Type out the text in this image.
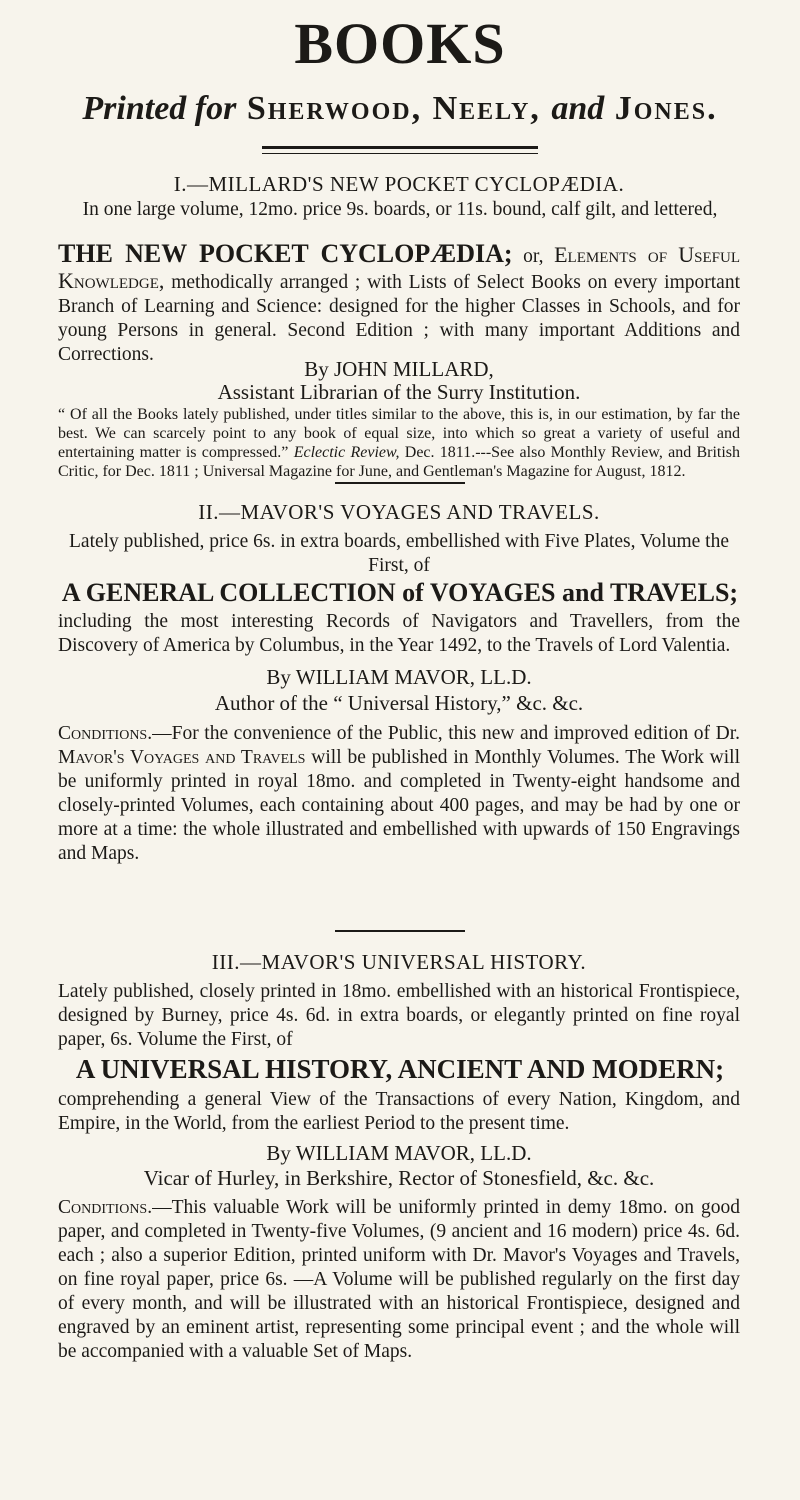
BOOKS
Printed for Sherwood, Neely, and Jones.
I.—MILLARD'S NEW POCKET CYCLOPÆDIA.
In one large volume, 12mo. price 9s. boards, or 11s. bound, calf gilt, and lettered,
THE NEW POCKET CYCLOPÆDIA; or, Elements of Useful Knowledge, methodically arranged ; with Lists of Select Books on every important Branch of Learning and Science: designed for the higher Classes in Schools, and for young Persons in general. Second Edition ; with many important Additions and Corrections.
By JOHN MILLARD,
Assistant Librarian of the Surry Institution.
“ Of all the Books lately published, under titles similar to the above, this is, in our estimation, by far the best. We can scarcely point to any book of equal size, into which so great a variety of useful and entertaining matter is compressed.” Eclectic Review, Dec. 1811.---See also Monthly Review, and British Critic, for Dec. 1811 ; Universal Magazine for June, and Gentleman's Magazine for August, 1812.
II.—MAVOR'S VOYAGES AND TRAVELS.
Lately published, price 6s. in extra boards, embellished with Five Plates, Volume the First, of
A GENERAL COLLECTION of VOYAGES and TRAVELS;
including the most interesting Records of Navigators and Travellers, from the Discovery of America by Columbus, in the Year 1492, to the Travels of Lord Valentia.
By WILLIAM MAVOR, LL.D.
Author of the “ Universal History,” &c. &c.
Conditions.—For the convenience of the Public, this new and improved edition of Dr. Mavor's Voyages and Travels will be published in Monthly Volumes. The Work will be uniformly printed in royal 18mo. and completed in Twenty-eight handsome and closely-printed Volumes, each containing about 400 pages, and may be had by one or more at a time: the whole illustrated and embellished with upwards of 150 Engravings and Maps.
III.—MAVOR'S UNIVERSAL HISTORY.
Lately published, closely printed in 18mo. embellished with an historical Frontispiece, designed by Burney, price 4s. 6d. in extra boards, or elegantly printed on fine royal paper, 6s. Volume the First, of
A UNIVERSAL HISTORY, ANCIENT AND MODERN;
comprehending a general View of the Transactions of every Nation, Kingdom, and Empire, in the World, from the earliest Period to the present time.
By WILLIAM MAVOR, LL.D.
Vicar of Hurley, in Berkshire, Rector of Stonesfield, &c. &c.
Conditions.—This valuable Work will be uniformly printed in demy 18mo. on good paper, and completed in Twenty-five Volumes, (9 ancient and 16 modern) price 4s. 6d. each ; also a superior Edition, printed uniform with Dr. Mavor's Voyages and Travels, on fine royal paper, price 6s. —A Volume will be published regularly on the first day of every month, and will be illustrated with an historical Frontispiece, designed and engraved by an eminent artist, representing some principal event ; and the whole will be accompanied with a valuable Set of Maps.
